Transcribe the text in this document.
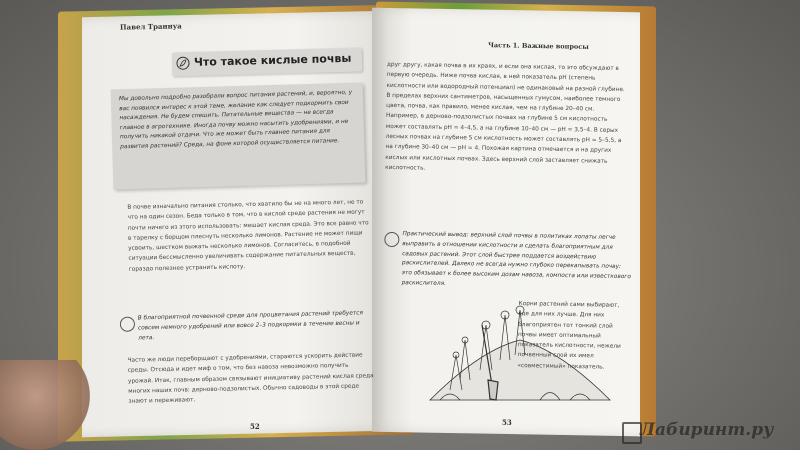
Павел Траннуа
Часть 1. Важные вопросы
Что такое кислые почвы
Мы довольно подробно разобрали вопрос питания растений, и, вероятно, у вас появился интерес к этой теме, желание как следует подкормить свои насаждения. Не будем спешить. Питательные вещества — не всегда главное в агротехнике. Иногда почву можно насытить удобрениями, и не получить никакой отдачи. Что же может быть главнее питания для развития растений? Среда, на фоне которой осуществляется питание.
В почве изначально питания столько, что хватило бы не на много лет, не то что на один сезон. Беда только в том, что в кислой среде растения не могут почти ничего из этого использовать: мешает кислая среда. Это все равно что в тарелку с борщом плеснуть несколько лимонов. Растение не может пищи усвоить, шестком выжать несколько лимонов. Согласитесь, в подобной ситуации бессмысленно увеличивать содержание питательных веществ, гораздо полезнее устранить кислоту.

В благоприятной почвенной среде для процветания растений требуется совсем немного удобрений или вовсе 2–3 подкормки в течение весны и лета.

Часто же люди переборщают с удобрениями, стараются ускорить действие среды. Отсюда и идет миф о том, что без навоза невозможно получить урожай. Итак, главным образом связывают инициативу растений кислая среда многих наших почв: дерново-подзолистых. Обычно садоводы в этой среде знают и переживают.
друг другу, какая почва в их краях, и если она кислая, то это обсуждают в первую очередь. Ниже почва кислая, в ней показатель pH (степень кислотности или водородный потенциал) не одинаковый на разной глубине. В пределах верхних сантиметров, насыщенных гумусом, наиболее темного цвета, почва, как правило, менее кислая, чем на глубине 20–40 см. Например, в дерново-подзолистых почвах на глубине 5 см кислотность может составлять pH = 4–4,5, а на глубине 10–40 см — pH = 3,5–4. В серых лесных почвах на глубине 5 см кислотность может составлять pH = 5–5,5, а на глубине 30–40 см — pH = 4. Похожая картина отмечается и на других кислых или кислотных почвах. Здесь верхний слой заставляет снижать кислотность.

Практический вывод: верхний слой почвы в политиках лопаты легче выправить в отношении кислотности и сделать благоприятным для садовых растений. Этот слой быстрее поддается воздействию раскислителей. Далеко не всегда нужно глубоко перекапывать почву: это обязывает к более высоким дозам навоза, компоста или известкового раскислителя.

Корни растений сами выбирают, где для них лучше. Для них благоприятен тот тонкий слой почвы имеет оптимальный показатель кислотности, нежели почвенный слой их имел «совместимый» показатель.
52	53	Лабиринт.ру
